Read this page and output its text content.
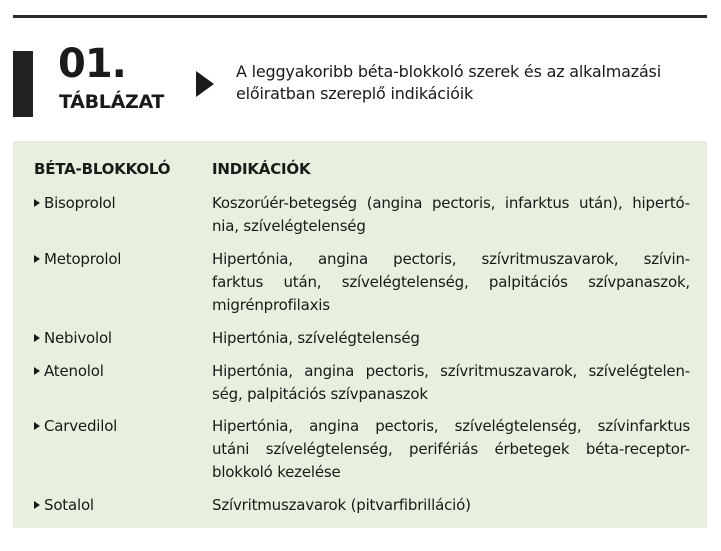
01.
TÁBLÁZAT
A leggyakoribb béta-blokkoló szerek és az alkalmazási
előiratban szereplő indikációik
BÉTA-BLOKKOLÓ	INDIKÁCIÓK
Bisoprolol	Koszorúér-betegség (angina pectoris, infarktus után), hipertó-
nia, szívelégtelenség
Metoprolol	Hipertónia, angina pectoris, szívritmuszavarok, szívin-
farktus után, szívelégtelenség, palpitációs szívpanaszok,
migrénprofilaxis
Nebivolol	Hipertónia, szívelégtelenség
Atenolol	Hipertónia, angina pectoris, szívritmuszavarok, szívelégtelen-
ség, palpitációs szívpanaszok
Carvedilol	Hipertónia, angina pectoris, szívelégtelenség, szívinfarktus
utáni szívelégtelenség, perifériás érbetegek béta-receptor-
blokkoló kezelése
Sotalol	Szívritmuszavarok (pitvarfibrilláció)
